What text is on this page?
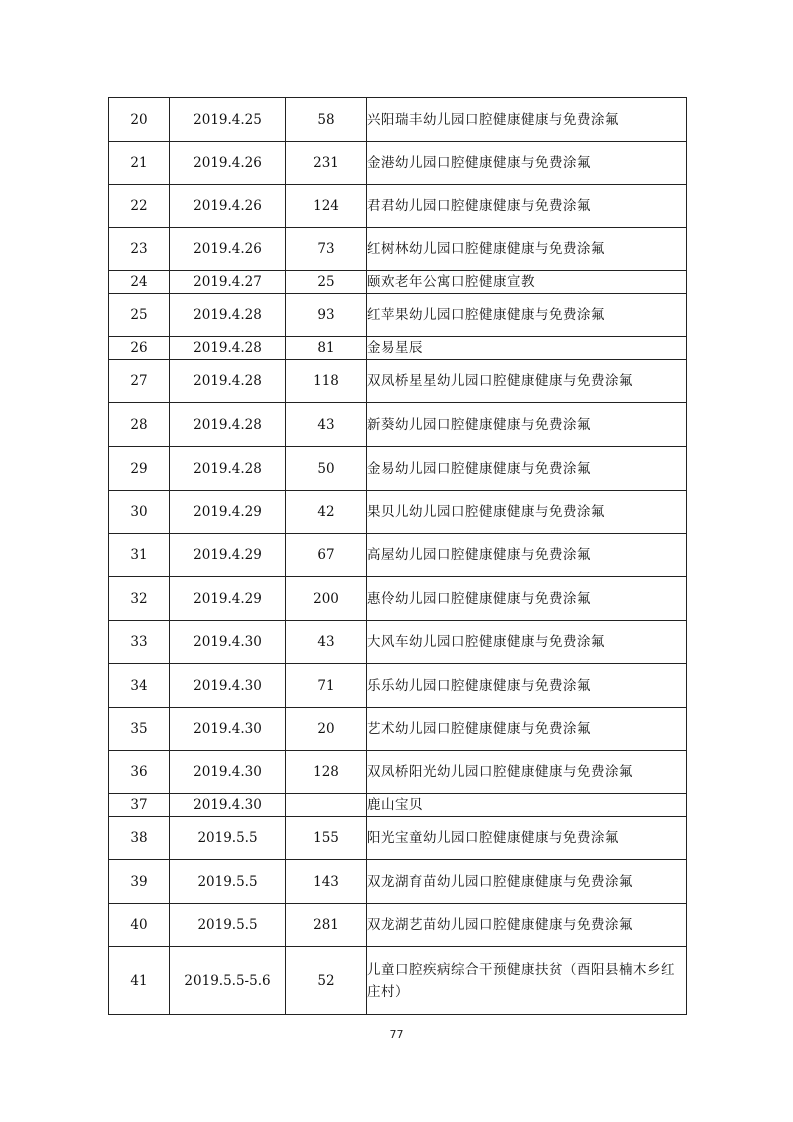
20	2019.4.25	58	兴阳瑞丰幼儿园口腔健康健康与免费涂氟
21	2019.4.26	231	金港幼儿园口腔健康健康与免费涂氟
22	2019.4.26	124	君君幼儿园口腔健康健康与免费涂氟
23	2019.4.26	73	红树林幼儿园口腔健康健康与免费涂氟
24	2019.4.27	25	颐欢老年公寓口腔健康宣教
25	2019.4.28	93	红苹果幼儿园口腔健康健康与免费涂氟
26	2019.4.28	81	金易星辰
27	2019.4.28	118	双凤桥星星幼儿园口腔健康健康与免费涂氟
28	2019.4.28	43	新葵幼儿园口腔健康健康与免费涂氟
29	2019.4.28	50	金易幼儿园口腔健康健康与免费涂氟
30	2019.4.29	42	果贝儿幼儿园口腔健康健康与免费涂氟
31	2019.4.29	67	高屋幼儿园口腔健康健康与免费涂氟
32	2019.4.29	200	惠伶幼儿园口腔健康健康与免费涂氟
33	2019.4.30	43	大风车幼儿园口腔健康健康与免费涂氟
34	2019.4.30	71	乐乐幼儿园口腔健康健康与免费涂氟
35	2019.4.30	20	艺术幼儿园口腔健康健康与免费涂氟
36	2019.4.30	128	双凤桥阳光幼儿园口腔健康健康与免费涂氟
37	2019.4.30		鹿山宝贝
38	2019.5.5	155	阳光宝童幼儿园口腔健康健康与免费涂氟
39	2019.5.5	143	双龙湖育苗幼儿园口腔健康健康与免费涂氟
40	2019.5.5	281	双龙湖艺苗幼儿园口腔健康健康与免费涂氟
41	2019.5.5-5.6	52	儿童口腔疾病综合干预健康扶贫（酉阳县楠木乡红庄村）
77
